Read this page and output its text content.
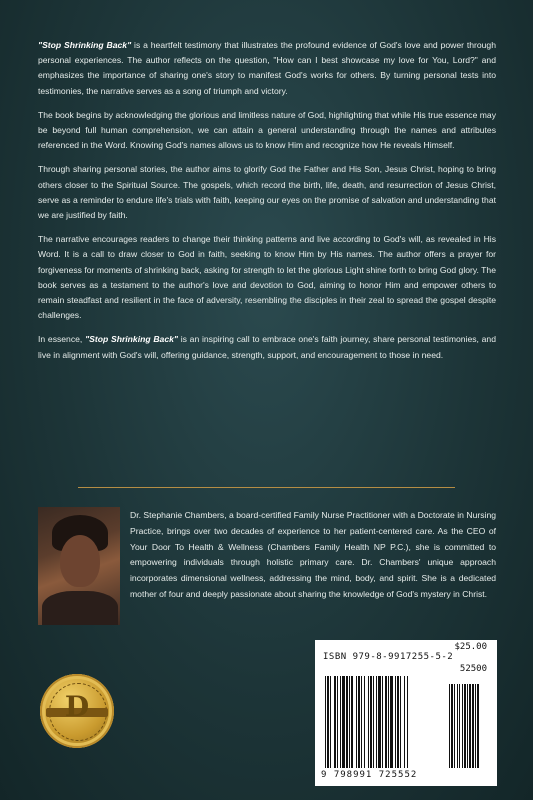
"Stop Shrinking Back" is a heartfelt testimony that illustrates the profound evidence of God's love and power through personal experiences. The author reflects on the question, "How can I best showcase my love for You, Lord?" and emphasizes the importance of sharing one's story to manifest God's works for others. By turning personal tests into testimonies, the narrative serves as a song of triumph and victory.

The book begins by acknowledging the glorious and limitless nature of God, highlighting that while His true essence may be beyond full human comprehension, we can attain a general understanding through the names and attributes referenced in the Word. Knowing God's names allows us to know Him and recognize how He reveals Himself.

Through sharing personal stories, the author aims to glorify God the Father and His Son, Jesus Christ, hoping to bring others closer to the Spiritual Source. The gospels, which record the birth, life, death, and resurrection of Jesus Christ, serve as a reminder to endure life's trials with faith, keeping our eyes on the promise of salvation and understanding that we are justified by faith.

The narrative encourages readers to change their thinking patterns and live according to God's will, as revealed in His Word. It is a call to draw closer to God in faith, seeking to know Him by His names. The author offers a prayer for forgiveness for moments of shrinking back, asking for strength to let the glorious Light shine forth to bring God glory. The book serves as a testament to the author's love and devotion to God, aiming to honor Him and empower others to remain steadfast and resilient in the face of adversity, resembling the disciples in their zeal to spread the gospel despite challenges.

In essence, "Stop Shrinking Back" is an inspiring call to embrace one's faith journey, share personal testimonies, and live in alignment with God's will, offering guidance, strength, support, and encouragement to those in need.

Dr. Stephanie Chambers, a board-certified Family Nurse Practitioner with a Doctorate in Nursing Practice, brings over two decades of experience to her patient-centered care. As the CEO of Your Door To Health & Wellness (Chambers Family Health NP P.C.), she is committed to empowering individuals through holistic primary care. Dr. Chambers' unique approach incorporates dimensional wellness, addressing the mind, body, and spirit. She is a dedicated mother of four and deeply passionate about sharing the knowledge of God's mystery in Christ.
D
$25.00
ISBN 979-8-9917255-5-2
52500
9 798991 725552
